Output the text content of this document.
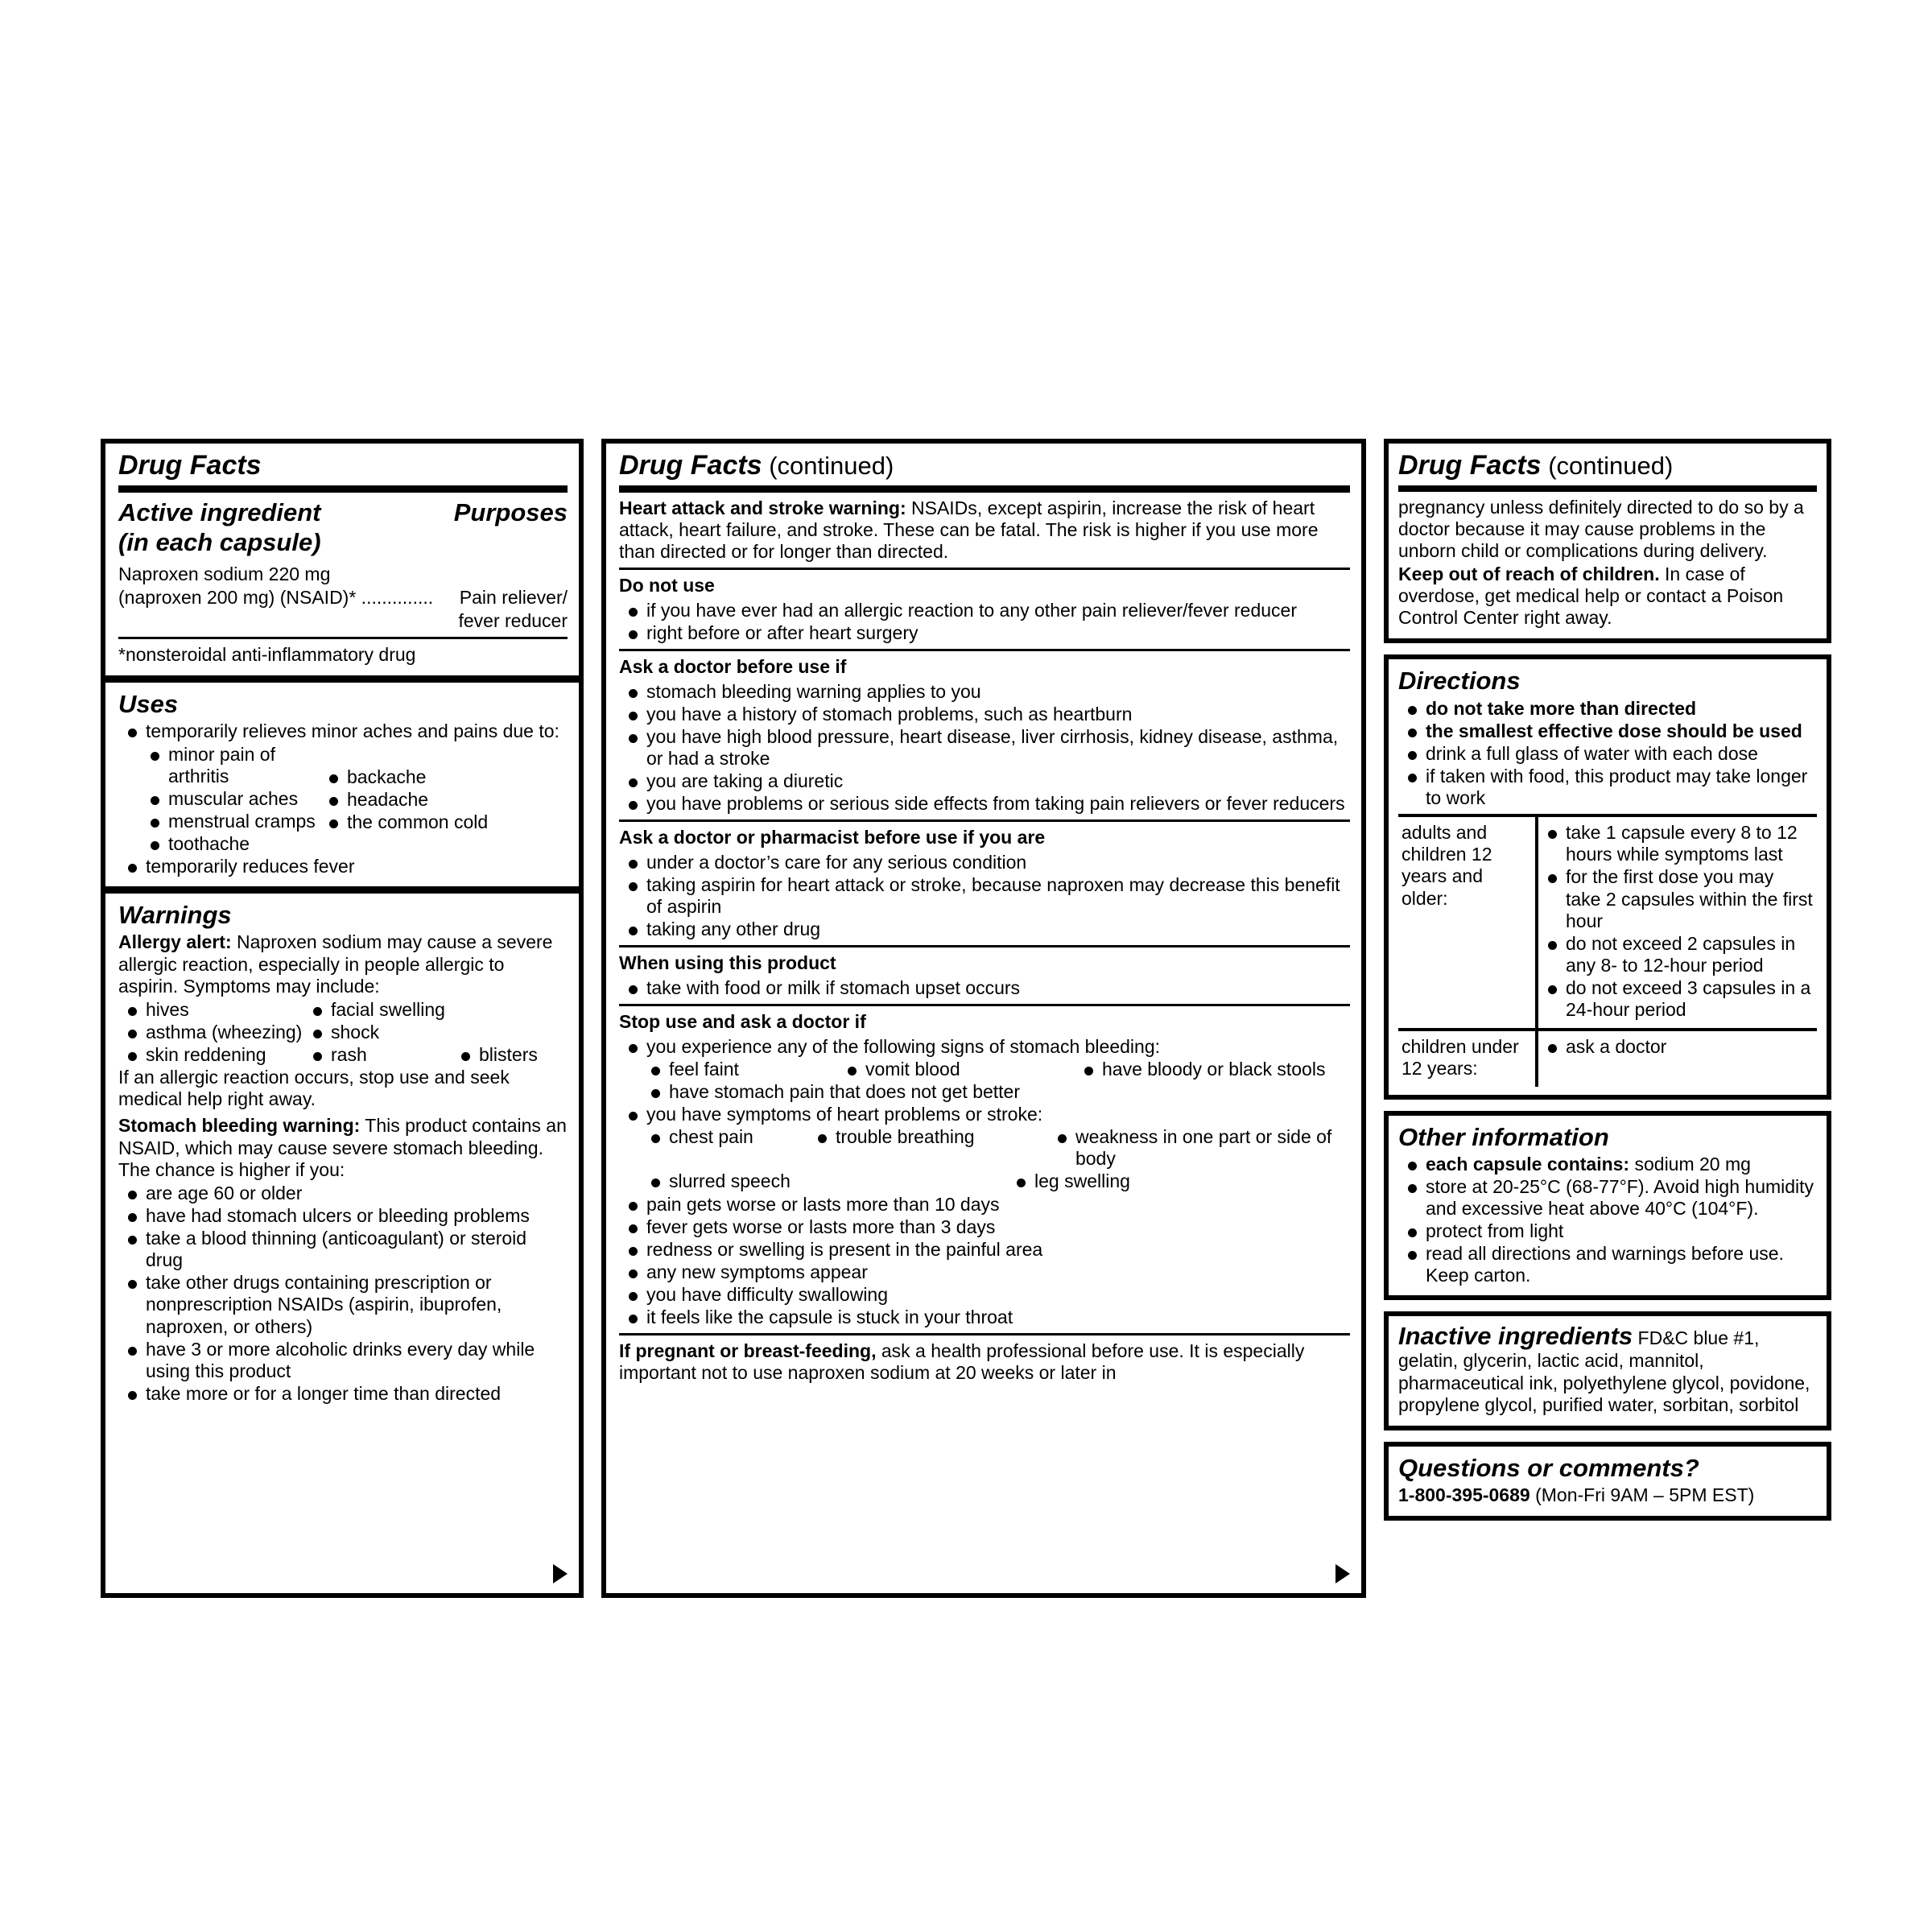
Drug Facts
Active ingredient
(in each capsule)
Purposes
Naproxen sodium 220 mg
(naproxen 200 mg) (NSAID)* .............. Pain reliever/
fever reducer
*nonsteroidal anti-inflammatory drug
Uses
temporarily relieves minor aches and pains due to:
minor pain of arthritis
muscular aches
menstrual cramps
toothache
backache
headache
the common cold
temporarily reduces fever
Warnings
Allergy alert: Naproxen sodium may cause a severe allergic reaction, especially in people allergic to aspirin. Symptoms may include:
hives
asthma (wheezing)
skin reddening
facial swelling
shock
rash	blisters
If an allergic reaction occurs, stop use and seek medical help right away.
Stomach bleeding warning: This product contains an NSAID, which may cause severe stomach bleeding. The chance is higher if you:
are age 60 or older
have had stomach ulcers or bleeding problems
take a blood thinning (anticoagulant) or steroid drug
take other drugs containing prescription or nonprescription NSAIDs (aspirin, ibuprofen, naproxen, or others)
have 3 or more alcoholic drinks every day while using this product
take more or for a longer time than directed
Drug Facts (continued)
Heart attack and stroke warning: NSAIDs, except aspirin, increase the risk of heart attack, heart failure, and stroke. These can be fatal. The risk is higher if you use more than directed or for longer than directed.
Do not use
if you have ever had an allergic reaction to any other pain reliever/fever reducer
right before or after heart surgery
Ask a doctor before use if
stomach bleeding warning applies to you
you have a history of stomach problems, such as heartburn
you have high blood pressure, heart disease, liver cirrhosis, kidney disease, asthma, or had a stroke
you are taking a diuretic
you have problems or serious side effects from taking pain relievers or fever reducers
Ask a doctor or pharmacist before use if you are
under a doctor’s care for any serious condition
taking aspirin for heart attack or stroke, because naproxen may decrease this benefit of aspirin
taking any other drug
When using this product
take with food or milk if stomach upset occurs
Stop use and ask a doctor if
you experience any of the following signs of stomach bleeding:
feel faint	vomit blood	have bloody or black stools
have stomach pain that does not get better
you have symptoms of heart problems or stroke:
chest pain	trouble breathing	weakness in one part or side of body
slurred speech	leg swelling
pain gets worse or lasts more than 10 days
fever gets worse or lasts more than 3 days
redness or swelling is present in the painful area
any new symptoms appear
you have difficulty swallowing
it feels like the capsule is stuck in your throat
If pregnant or breast-feeding, ask a health professional before use. It is especially important not to use naproxen sodium at 20 weeks or later in
Drug Facts (continued)
pregnancy unless definitely directed to do so by a doctor because it may cause problems in the unborn child or complications during delivery.
Keep out of reach of children. In case of overdose, get medical help or contact a Poison Control Center right away.
Directions
do not take more than directed
the smallest effective dose should be used
drink a full glass of water with each dose
if taken with food, this product may take longer to work
adults and children 12 years and older:
take 1 capsule every 8 to 12 hours while symptoms last
for the first dose you may take 2 capsules within the first hour
do not exceed 2 capsules in any 8- to 12-hour period
do not exceed 3 capsules in a 24-hour period
children under 12 years:
ask a doctor
Other information
each capsule contains: sodium 20 mg
store at 20-25°C (68-77°F). Avoid high humidity and excessive heat above 40°C (104°F).
protect from light
read all directions and warnings before use. Keep carton.
Inactive ingredients FD&C blue #1, gelatin, glycerin, lactic acid, mannitol, pharmaceutical ink, polyethylene glycol, povidone, propylene glycol, purified water, sorbitan, sorbitol
Questions or comments?
1-800-395-0689 (Mon-Fri 9AM – 5PM EST)
